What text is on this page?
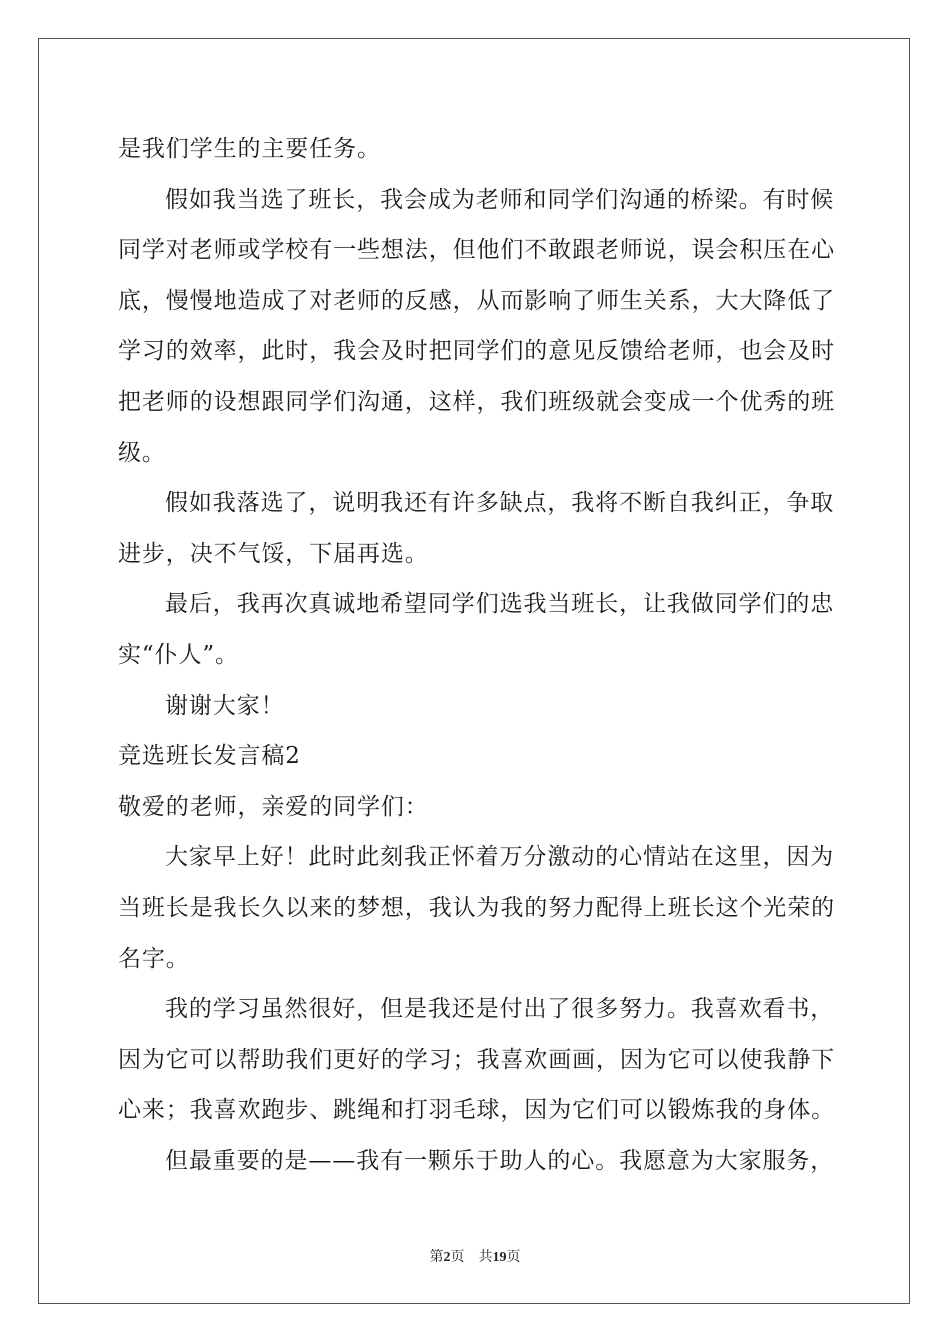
是我们学生的主要任务。
假如我当选了班长，我会成为老师和同学们沟通的桥梁。有时候
同学对老师或学校有一些想法，但他们不敢跟老师说，误会积压在心
底，慢慢地造成了对老师的反感，从而影响了师生关系，大大降低了
学习的效率，此时，我会及时把同学们的意见反馈给老师，也会及时
把老师的设想跟同学们沟通，这样，我们班级就会变成一个优秀的班
级。
假如我落选了，说明我还有许多缺点，我将不断自我纠正，争取
进步，决不气馁，下届再选。
最后，我再次真诚地希望同学们选我当班长，让我做同学们的忠
实“仆人”。
谢谢大家！
竞选班长发言稿2
敬爱的老师，亲爱的同学们：
大家早上好！此时此刻我正怀着万分激动的心情站在这里，因为
当班长是我长久以来的梦想，我认为我的努力配得上班长这个光荣的
名字。
我的学习虽然很好，但是我还是付出了很多努力。我喜欢看书，
因为它可以帮助我们更好的学习；我喜欢画画，因为它可以使我静下
心来；我喜欢跑步、跳绳和打羽毛球，因为它们可以锻炼我的身体。
但最重要的是——我有一颗乐于助人的心。我愿意为大家服务，
第2页 共19页
